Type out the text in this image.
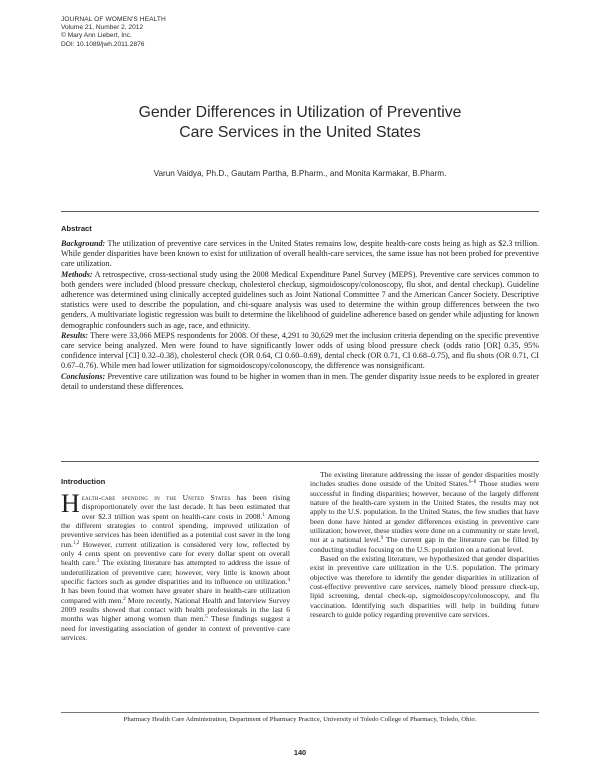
JOURNAL OF WOMEN'S HEALTH
Volume 21, Number 2, 2012
© Mary Ann Liebert, Inc.
DOI: 10.1089/jwh.2011.2876
Gender Differences in Utilization of Preventive
Care Services in the United States
Varun Vaidya, Ph.D., Gautam Partha, B.Pharm., and Monita Karmakar, B.Pharm.
Abstract

Background: The utilization of preventive care services in the United States remains low, despite health-care costs being as high as $2.3 trillion. While gender disparities have been known to exist for utilization of overall health-care services, the same issue has not been probed for preventive care utilization.

Methods: A retrospective, cross-sectional study using the 2008 Medical Expenditure Panel Survey (MEPS). Preventive care services common to both genders were included (blood pressure checkup, cholesterol checkup, sigmoidoscopy/colonoscopy, flu shot, and dental checkup). Guideline adherence was determined using clinically accepted guidelines such as Joint National Committee 7 and the American Cancer Society. Descriptive statistics were used to describe the population, and chi-square analysis was used to determine the within group differences between the two genders. A multivariate logistic regression was built to determine the likelihood of guideline adherence based on gender while adjusting for known demographic confounders such as age, race, and ethnicity.

Results: There were 33,066 MEPS respondents for 2008. Of these, 4,291 to 30,629 met the inclusion criteria depending on the specific preventive care service being analyzed. Men were found to have significantly lower odds of using blood pressure check (odds ratio [OR] 0.35, 95% confidence interval [CI] 0.32–0.38), cholesterol check (OR 0.64, CI 0.60–0.69), dental check (OR 0.71, CI 0.68–0.75), and flu shots (OR 0.71, CI 0.67–0.76). While men had lower utilization for sigmoidoscopy/colonoscopy, the difference was nonsignificant.

Conclusions: Preventive care utilization was found to be higher in women than in men. The gender disparity issue needs to be explored in greater detail to understand these differences.

Introduction

Health-care spending in the United States has been rising disproportionately over the last decade. It has been estimated that over $2.3 trillion was spent on health-care costs in 2008.$^1$ Among the different strategies to control spending, improved utilization of preventive services has been identified as a potential cost saver in the long run.$^{1,2}$ However, current utilization is considered very low, reflected by only 4 cents spent on preventive care for every dollar spent on overall health care.$^3$ The existing literature has attempted to address the issue of underutilization of preventive care; however, very little is known about specific factors such as gender disparities and its influence on utilization.$^4$ It has been found that women have greater share in health-care utilization compared with men.$^2$ More recently, National Health and Interview Survey 2009 results showed that contact with health professionals in the last 6 months was higher among women than men.$^5$ These findings suggest a need for investigating association of gender in context of preventive care services.

The existing literature addressing the issue of gender disparities mostly includes studies done outside of the United States.$^{6-8}$ Those studies were successful in finding disparities; however, because of the largely different nature of the health-care system in the United States, the results may not apply to the U.S. population. In the United States, the few studies that have been done have hinted at gender differences existing in preventive care utilization; however, these studies were done on a community or state level, not at a national level.$^9$ The current gap in the literature can be filled by conducting studies focusing on the U.S. population on a national level.

Based on the existing literature, we hypothesized that gender disparities exist in preventive care utilization in the U.S. population. The primary objective was therefore to identify the gender disparities in utilization of cost-effective preventive care services, namely blood pressure check-up, lipid screening, dental check-up, sigmoidoscopy/colonoscopy, and flu vaccination. Identifying such disparities will help in building future research to guide policy regarding preventive care services.

Pharmacy Health Care Administration, Department of Pharmacy Practice, University of Toledo College of Pharmacy, Toledo, Ohio.
140
